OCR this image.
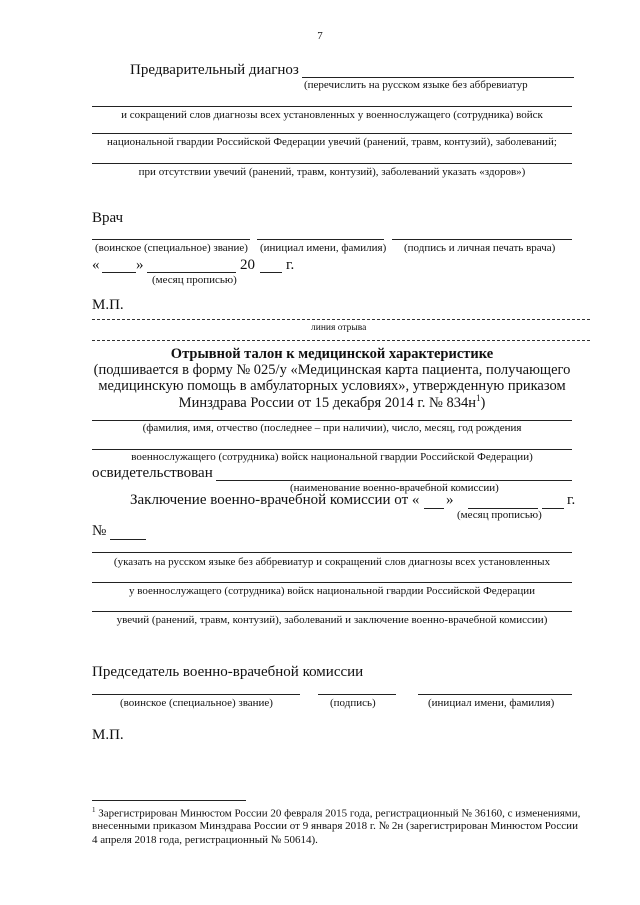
7
Предварительный диагноз
(перечислить на русском языке без аббревиатур
и сокращений слов диагнозы всех установленных у военнослужащего (сотрудника) войск
национальной гвардии Российской Федерации увечий (ранений, травм, контузий), заболеваний;
при отсутствии увечий (ранений, травм, контузий), заболеваний указать «здоров»)
Врач
(воинское (специальное) звание) (инициал имени, фамилия) (подпись и личная печать врача)
« »	20 г.
(месяц прописью)
М.П.
линия отрыва
Отрывной талон к медицинской характеристике
(подшивается в форму № 025/у «Медицинская карта пациента, получающего
медицинскую помощь в амбулаторных условиях», утвержденную приказом
Минздрава России от 15 декабря 2014 г. № $834н^1$)
(фамилия, имя, отчество (последнее – при наличии), число, месяц, год рождения
военнослужащего (сотрудника) войск национальной гвардии Российской Федерации)
освидетельствован
(наименование военно-врачебной комиссии)
Заключение военно-врачебной комиссии от « »	г.
(месяц прописью)
№
(указать на русском языке без аббревиатур и сокращений слов диагнозы всех установленных
у военнослужащего (сотрудника) войск национальной гвардии Российской Федерации
увечий (ранений, травм, контузий), заболеваний и заключение военно-врачебной комиссии)
Председатель военно-врачебной комиссии
(воинское (специальное) звание)	(подпись)	(инициал имени, фамилия)
М.П.
$^1$ Зарегистрирован Минюстом России 20 февраля 2015 года, регистрационный № 36160, с изменениями,
внесенными приказом Минздрава России от 9 января 2018 г. № 2н (зарегистрирован Минюстом России
4 апреля 2018 года, регистрационный № 50614).
